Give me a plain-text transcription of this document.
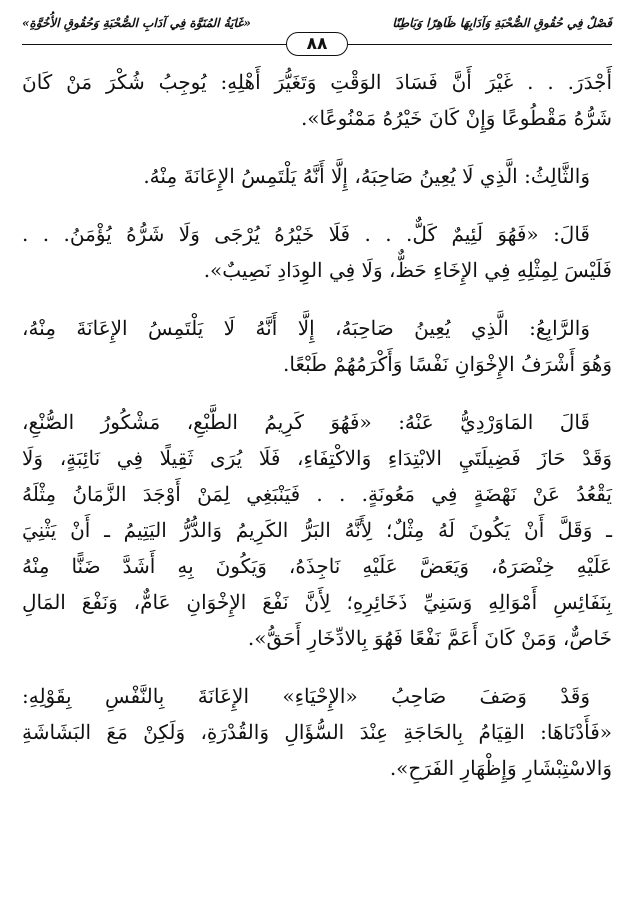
فَصْلٌ فِي حُقُوقِ الصُّحْبَةِ وَآدَابِهَا ظَاهِرًا وَبَاطِنًا
«غَايَةُ المُنَوَّة فِي آدَابِ الصُّحْبَةِ وَحُقُوقِ الأُخُوَّةِ»
٨٨
أَجْدَرَ. . . غَيْرَ أَنَّ فَسَادَ الوَقْتِ وَتَغَيُّرَ أَهْلِهِ: يُوجِبُ شُكْرَ مَنْ كَانَ
شَرُّهُ مَقْطُوعًا وَإِنْ كَانَ خَيْرُهُ مَمْنُوعًا».
وَالثَّالِثُ: الَّذِي لَا يُعِينُ صَاحِبَهُ، إِلَّا أَنَّهُ يَلْتَمِسُ الإِعَانَةَ مِنْهُ.
قَالَ: «فَهُوَ لَئِيمٌ كَلٌّ. . . فَلَا خَيْرُهُ يُرْجَى وَلَا شَرُّهُ يُؤْمَنُ. . .
فَلَيْسَ لِمِثْلِهِ فِي الإِخَاءِ حَظٌّ، وَلَا فِي الوِدَادِ نَصِيبٌ».
وَالرَّابِعُ: الَّذِي يُعِينُ صَاحِبَهُ، إِلَّا أَنَّهُ لَا يَلْتَمِسُ الإِعَانَةَ مِنْهُ،
وَهُوَ أَشْرَفُ الإِخْوَانِ نَفْسًا وَأَكْرَمُهُمْ طَبْعًا.
قَالَ المَاوَرْدِيُّ عَنْهُ: «فَهُوَ كَرِيمُ الطَّبْعِ، مَشْكُورُ الصُّنْعِ،
وَقَدْ حَازَ فَضِيلَتَيِ الابْتِدَاءِ وَالاكْتِفَاءِ، فَلَا يُرَى ثَقِيلًا فِي نَائِبَةٍ، وَلَا
يَقْعُدُ عَنْ نَهْضَةٍ فِي مَعُونَةٍ. . . فَيَنْبَغِي لِمَنْ أَوْجَدَ الزَّمَانُ مِثْلَهُ
ـ وَقَلَّ أَنْ يَكُونَ لَهُ مِثْلٌ؛ لِأَنَّهُ البَرُّ الكَرِيمُ وَالدُّرُّ اليَتِيمُ ـ أَنْ يَثْنِيَ
عَلَيْهِ خِنْصَرَهُ، وَيَعَضَّ عَلَيْهِ نَاجِذَهُ، وَيَكُونَ بِهِ أَشَدَّ ضَنًّا مِنْهُ
بِنَفَائِسِ أَمْوَالِهِ وَسَنِيِّ ذَخَائِرِهِ؛ لِأَنَّ نَفْعَ الإِخْوَانِ عَامٌّ، وَنَفْعَ المَالِ
خَاصٌّ، وَمَنْ كَانَ أَعَمَّ نَفْعًا فَهُوَ بِالادِّخَارِ أَحَقُّ».
وَقَدْ وَصَفَ صَاحِبُ «الإِحْيَاءِ» الإِعَانَةَ بِالنَّفْسِ بِقَوْلِهِ:
«فَأَدْنَاهَا: القِيَامُ بِالحَاجَةِ عِنْدَ السُّؤَالِ وَالقُدْرَةِ، وَلَكِنْ مَعَ البَشَاشَةِ
وَالاسْتِبْشَارِ وَإِظْهَارِ الفَرَحِ».
